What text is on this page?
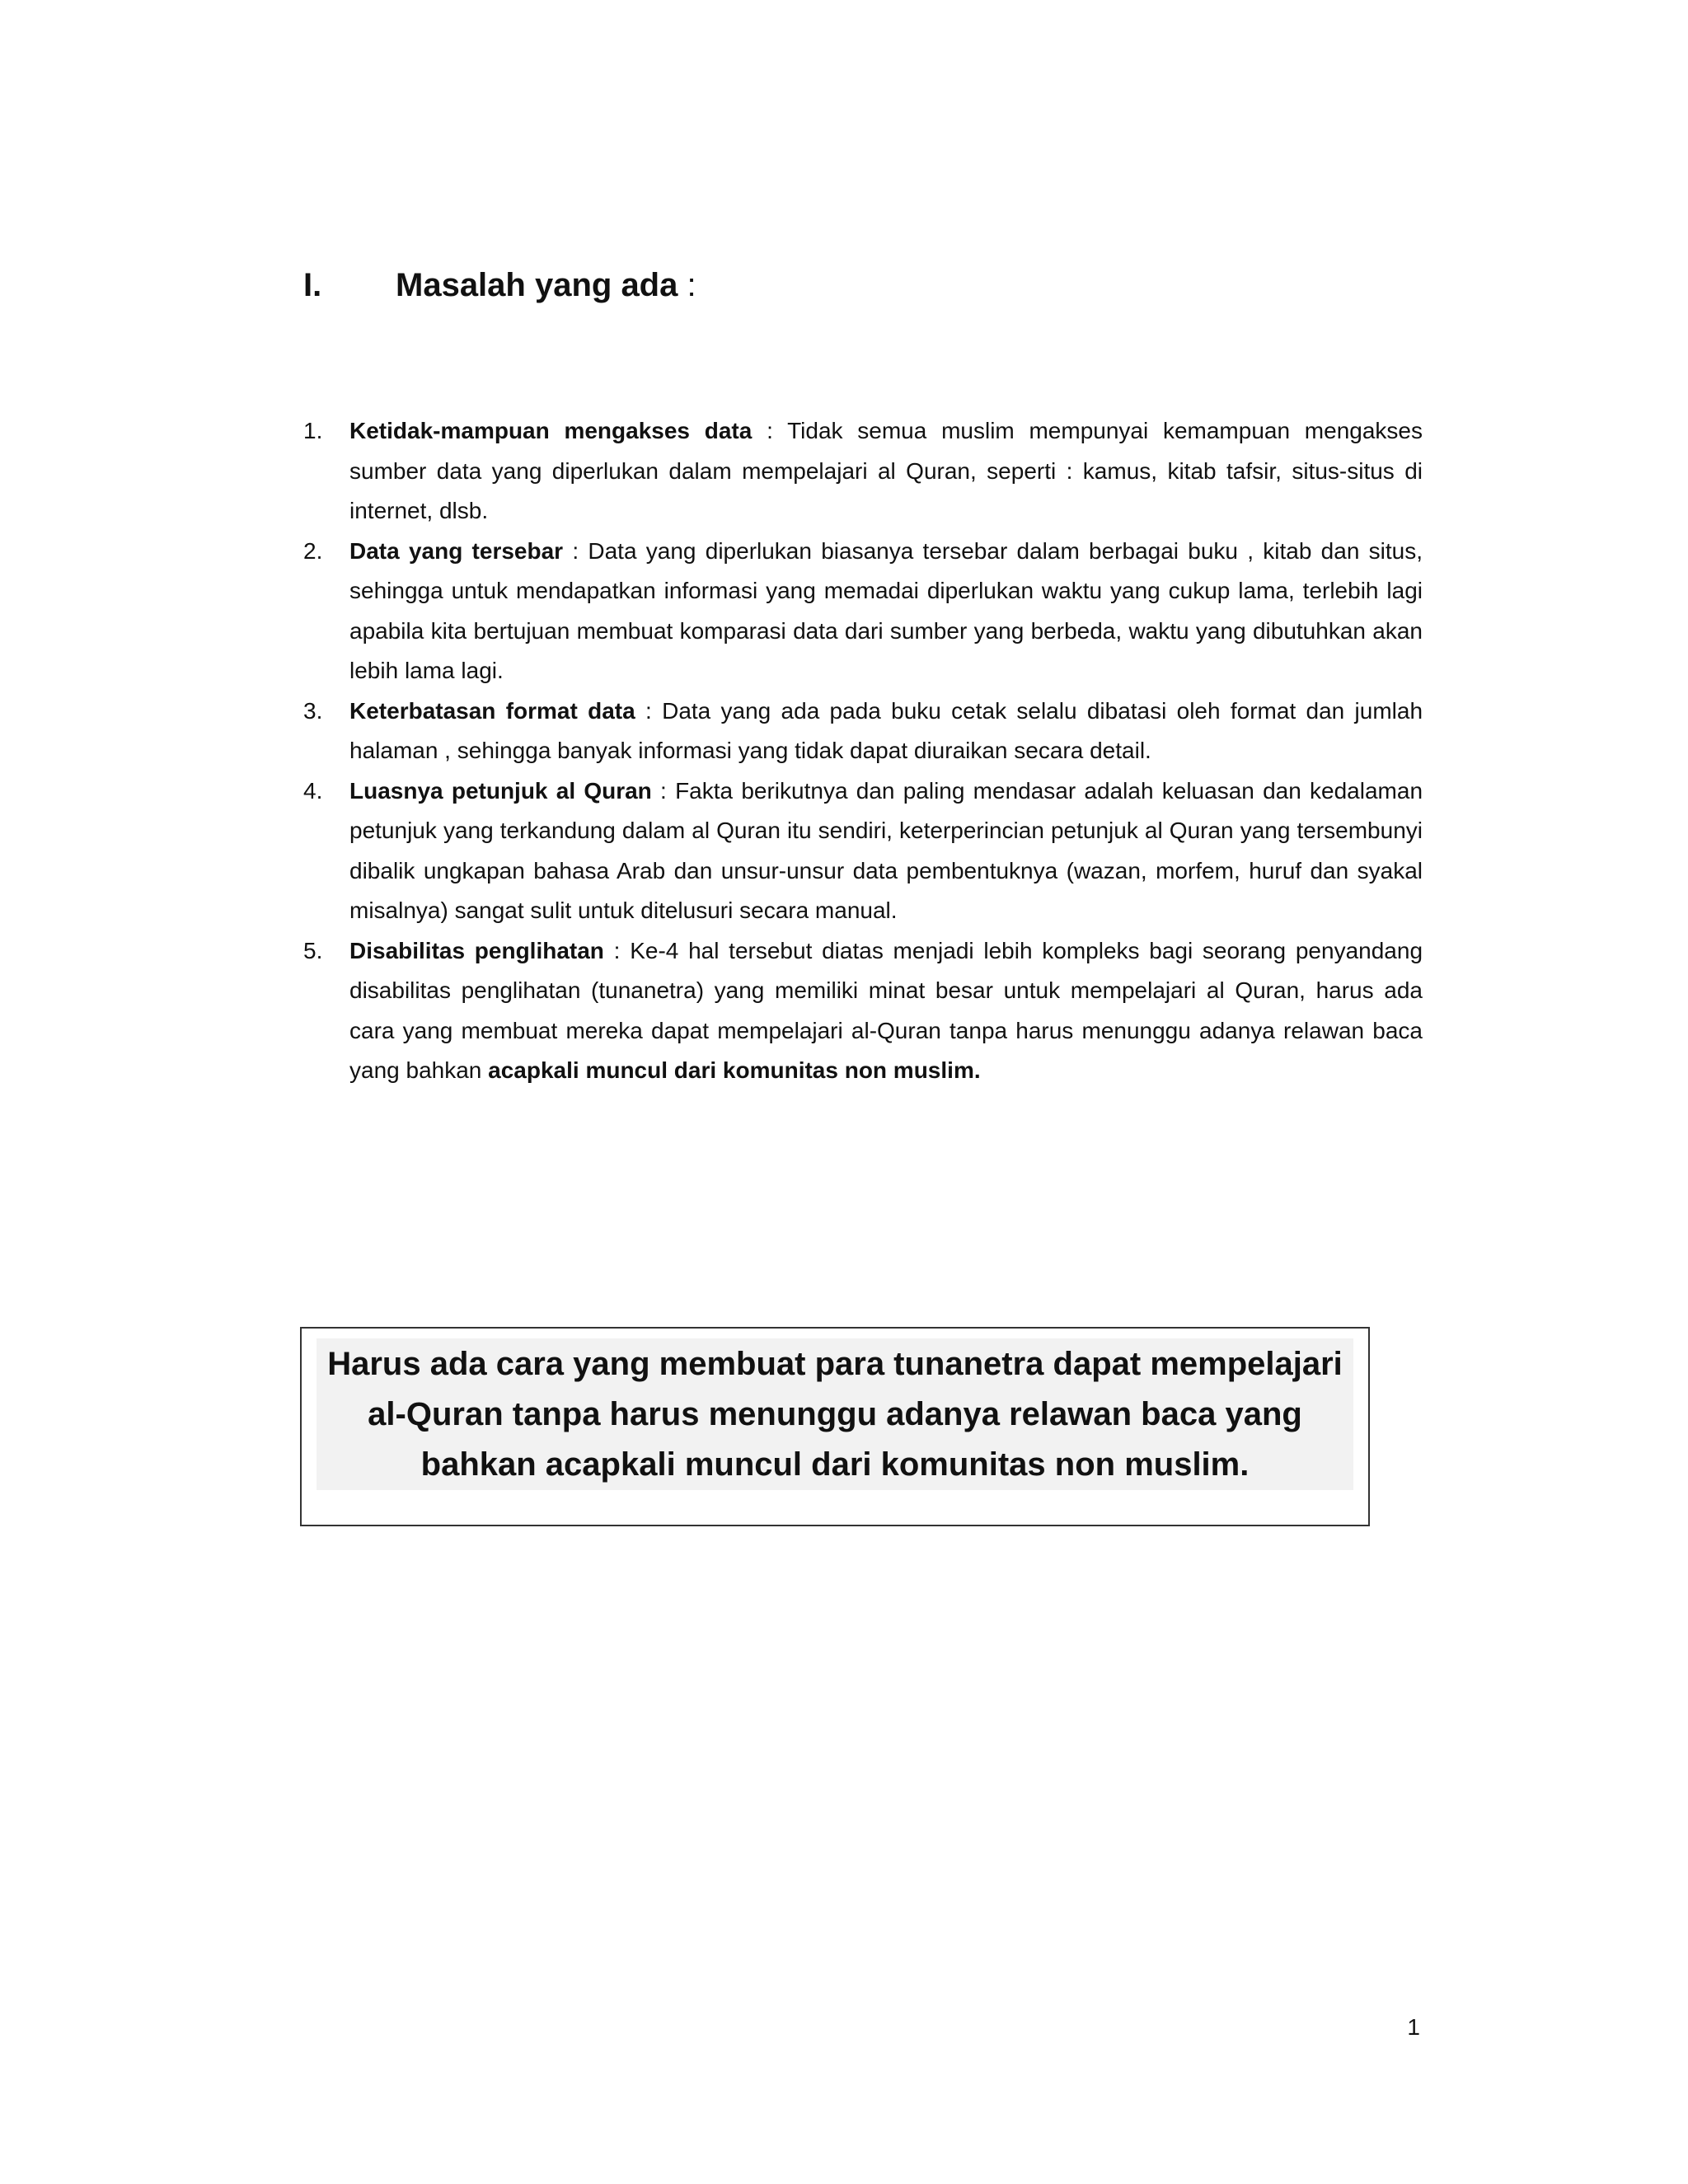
I. Masalah yang ada :
1. Ketidak-mampuan mengakses data : Tidak semua muslim mempunyai kemampuan mengakses sumber data yang diperlukan dalam mempelajari al Quran, seperti : kamus, kitab tafsir, situs-situs di internet, dlsb.
2. Data yang tersebar : Data yang diperlukan biasanya tersebar dalam berbagai buku , kitab dan situs, sehingga untuk mendapatkan informasi yang memadai diperlukan waktu yang cukup lama, terlebih lagi apabila kita bertujuan membuat komparasi data dari sumber yang berbeda, waktu yang dibutuhkan akan lebih lama lagi.
3. Keterbatasan format data : Data yang ada pada buku cetak selalu dibatasi oleh format dan jumlah halaman , sehingga banyak informasi yang tidak dapat diuraikan secara detail.
4. Luasnya petunjuk al Quran : Fakta berikutnya dan paling mendasar adalah keluasan dan kedalaman petunjuk yang terkandung dalam al Quran itu sendiri, keterperincian petunjuk al Quran yang tersembunyi dibalik ungkapan bahasa Arab dan unsur-unsur data pembentuknya (wazan, morfem, huruf dan syakal misalnya) sangat sulit untuk ditelusuri secara manual.
5. Disabilitas penglihatan : Ke-4 hal tersebut diatas menjadi lebih kompleks bagi seorang penyandang disabilitas penglihatan (tunanetra) yang memiliki minat besar untuk mempelajari al Quran, harus ada cara yang membuat mereka dapat mempelajari al-Quran tanpa harus menunggu adanya relawan baca yang bahkan acapkali muncul dari komunitas non muslim.

Harus ada cara yang membuat para tunanetra dapat mempelajari al-Quran tanpa harus menunggu adanya relawan baca yang bahkan acapkali muncul dari komunitas non muslim.

1
